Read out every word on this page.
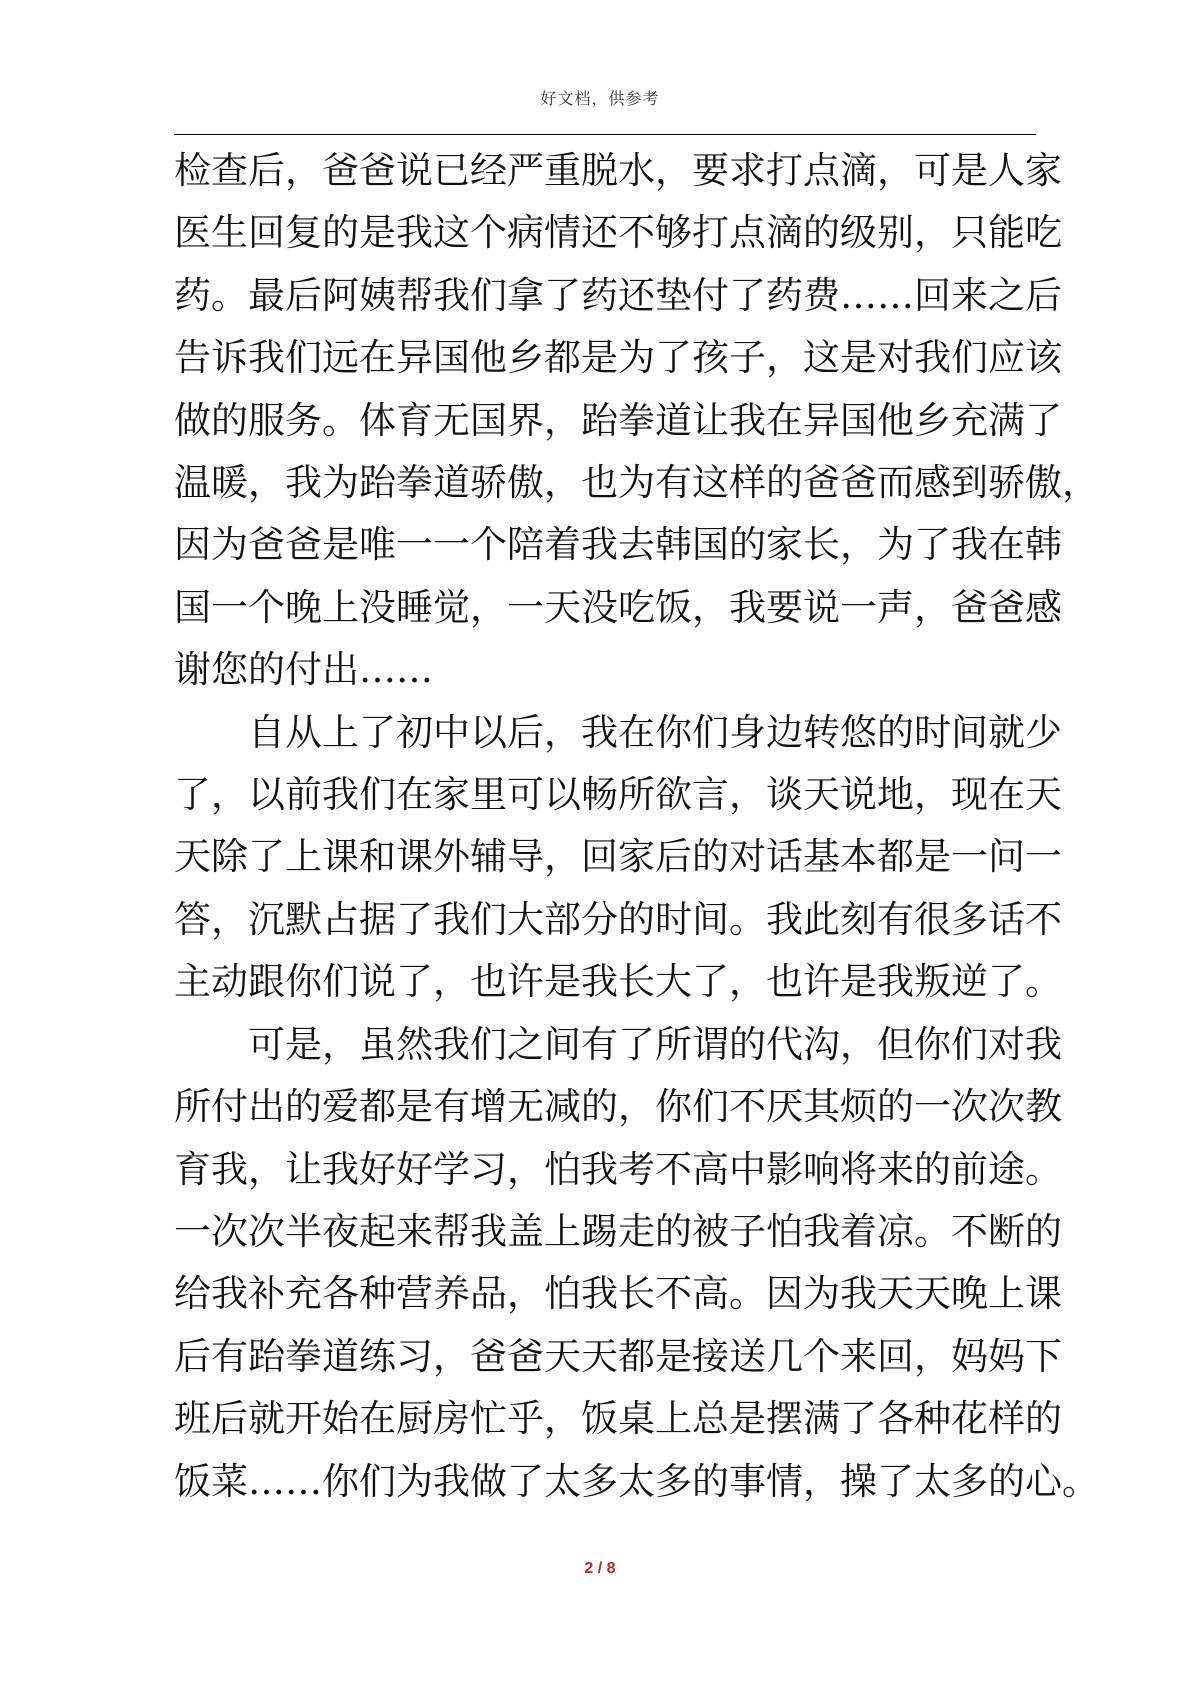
好文档，供参考
检查后，爸爸说已经严重脱水，要求打点滴，可是人家
医生回复的是我这个病情还不够打点滴的级别，只能吃
药。最后阿姨帮我们拿了药还垫付了药费……回来之后
告诉我们远在异国他乡都是为了孩子，这是对我们应该
做的服务。体育无国界，跆拳道让我在异国他乡充满了
温暖，我为跆拳道骄傲，也为有这样的爸爸而感到骄傲，
因为爸爸是唯一一个陪着我去韩国的家长，为了我在韩
国一个晚上没睡觉，一天没吃饭，我要说一声，爸爸感
谢您的付出……
自从上了初中以后，我在你们身边转悠的时间就少
了，以前我们在家里可以畅所欲言，谈天说地，现在天
天除了上课和课外辅导，回家后的对话基本都是一问一
答，沉默占据了我们大部分的时间。我此刻有很多话不
主动跟你们说了，也许是我长大了，也许是我叛逆了。
可是，虽然我们之间有了所谓的代沟，但你们对我
所付出的爱都是有增无减的，你们不厌其烦的一次次教
育我，让我好好学习，怕我考不高中影响将来的前途。
一次次半夜起来帮我盖上踢走的被子怕我着凉。不断的
给我补充各种营养品，怕我长不高。因为我天天晚上课
后有跆拳道练习，爸爸天天都是接送几个来回，妈妈下
班后就开始在厨房忙乎，饭桌上总是摆满了各种花样的
饭菜……你们为我做了太多太多的事情，操了太多的心。
2 / 8
